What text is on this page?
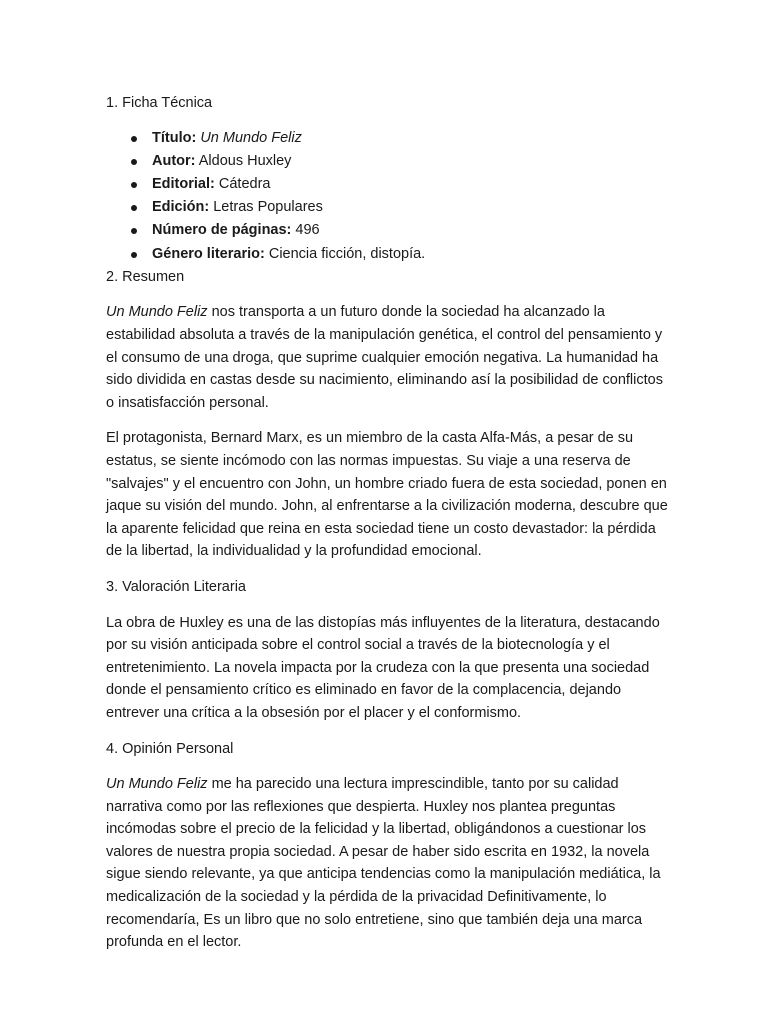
1. Ficha Técnica

Título: Un Mundo Feliz
Autor: Aldous Huxley
Editorial: Cátedra
Edición: Letras Populares
Número de páginas: 496
Género literario: Ciencia ficción, distopía.

2. Resumen

Un Mundo Feliz nos transporta a un futuro donde la sociedad ha alcanzado la estabilidad absoluta a través de la manipulación genética, el control del pensamiento y el consumo de una droga, que suprime cualquier emoción negativa. La humanidad ha sido dividida en castas desde su nacimiento, eliminando así la posibilidad de conflictos o insatisfacción personal.

El protagonista, Bernard Marx, es un miembro de la casta Alfa-Más, a pesar de su estatus, se siente incómodo con las normas impuestas. Su viaje a una reserva de "salvajes" y el encuentro con John, un hombre criado fuera de esta sociedad, ponen en jaque su visión del mundo. John, al enfrentarse a la civilización moderna, descubre que la aparente felicidad que reina en esta sociedad tiene un costo devastador: la pérdida de la libertad, la individualidad y la profundidad emocional.

3. Valoración Literaria

La obra de Huxley es una de las distopías más influyentes de la literatura, destacando por su visión anticipada sobre el control social a través de la biotecnología y el entretenimiento. La novela impacta por la crudeza con la que presenta una sociedad donde el pensamiento crítico es eliminado en favor de la complacencia, dejando entrever una crítica a la obsesión por el placer y el conformismo.

4. Opinión Personal

Un Mundo Feliz me ha parecido una lectura imprescindible, tanto por su calidad narrativa como por las reflexiones que despierta. Huxley nos plantea preguntas incómodas sobre el precio de la felicidad y la libertad, obligándonos a cuestionar los valores de nuestra propia sociedad. A pesar de haber sido escrita en 1932, la novela sigue siendo relevante, ya que anticipa tendencias como la manipulación mediática, la medicalización de la sociedad y la pérdida de la privacidad Definitivamente, lo recomendaría, Es un libro que no solo entretiene, sino que también deja una marca profunda en el lector.
